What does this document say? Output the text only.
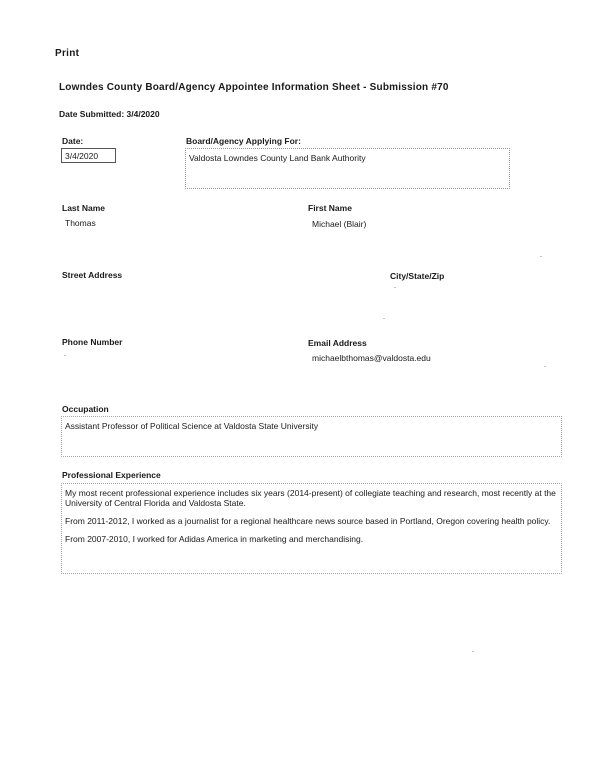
Print
Lowndes County Board/Agency Appointee Information Sheet - Submission #70
Date Submitted: 3/4/2020
Date:
3/4/2020
Board/Agency Applying For:
Valdosta Lowndes County Land Bank Authority
Last Name
Thomas
First Name
Michael (Blair)
Street Address	City/State/Zip
Phone Number	Email Address
michaelbthomas@valdosta.edu
Occupation
Assistant Professor of Political Science at Valdosta State University
Professional Experience

My most recent professional experience includes six years (2014-present) of collegiate teaching and research, most recently at the University of Central Florida and Valdosta State.

From 2011-2012, I worked as a journalist for a regional healthcare news source based in Portland, Oregon covering health policy.

From 2007-2010, I worked for Adidas America in marketing and merchandising.
